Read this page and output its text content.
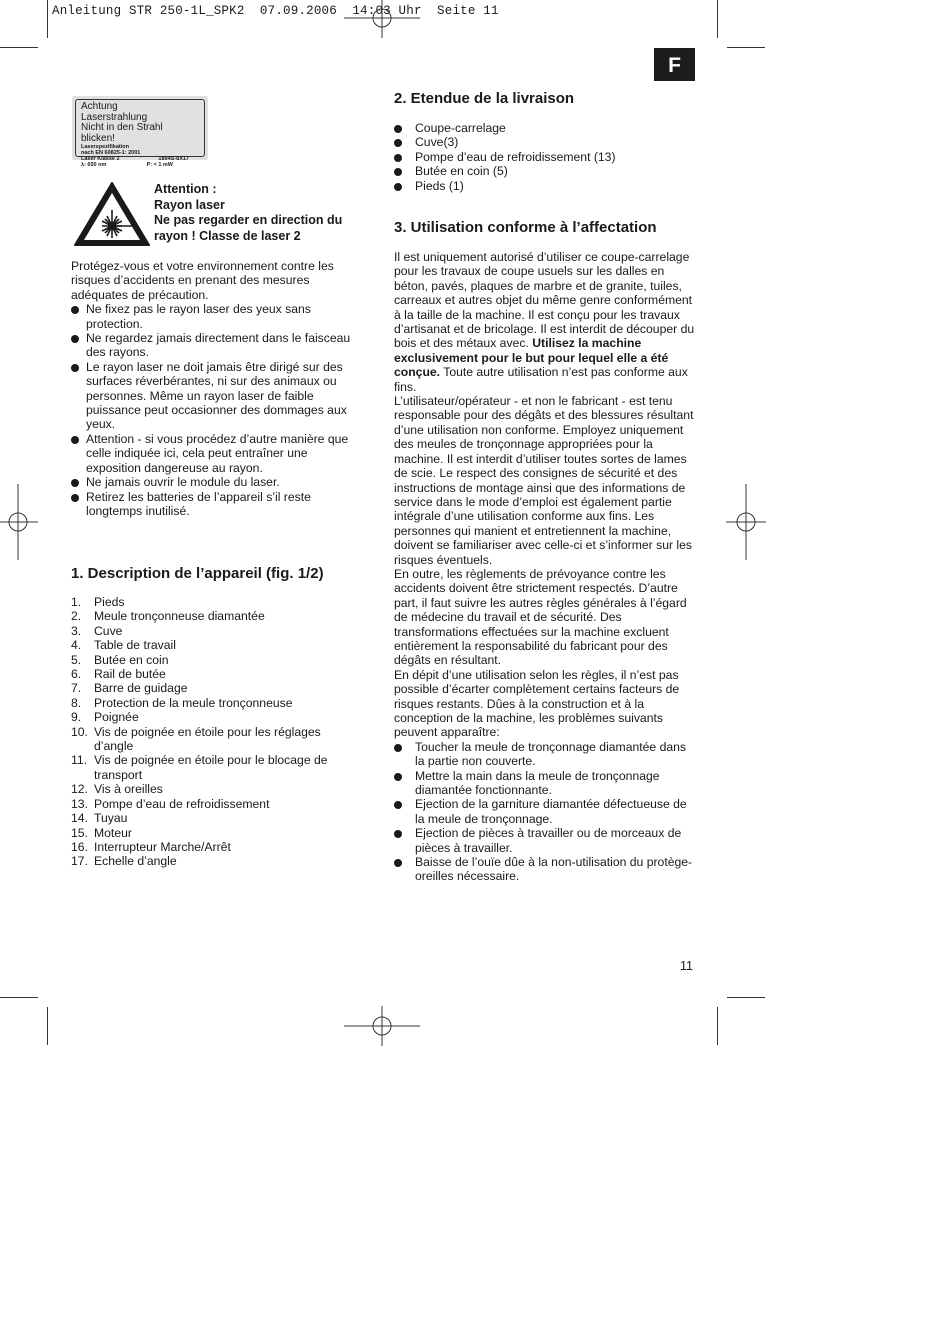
Anleitung STR 250-1L_SPK2  07.09.2006  14:03 Uhr  Seite 11
F
Achtung
Laserstrahlung
Nicht in den Strahl blicken!
Laserspezifikation
nach EN 60825-1: 2001
Laser Klasse 2	1894S-8X17
λ: 650 nm	P: < 1 mW
Attention :
Rayon laser
Ne pas regarder en direction du
rayon ! Classe de laser 2

Protégez-vous et votre environnement contre les risques d’accidents en prenant des mesures adéquates de précaution.

Ne fixez pas le rayon laser des yeux sans protection.
Ne regardez jamais directement dans le faisceau des rayons.
Le rayon laser ne doit jamais être dirigé sur des surfaces réverbérantes, ni sur des animaux ou personnes. Même un rayon laser de faible puissance peut occasionner des dommages aux yeux.
Attention - si vous procédez d’autre manière que celle indiquée ici, cela peut entraîner une exposition dangereuse au rayon.
Ne jamais ouvrir le module du laser.
Retirez les batteries de l’appareil s’il reste longtemps inutilisé.
1. Description de l’appareil (fig. 1/2)
1.	Pieds
2.	Meule tronçonneuse diamantée
3.	Cuve
4.	Table de travail
5.	Butée en coin
6.	Rail de butée
7.	Barre de guidage
8.	Protection de la meule tronçonneuse
9.	Poignée
10. Vis de poignée en étoile pour les réglages d’angle
11. Vis de poignée en étoile pour le blocage de transport
12. Vis à oreilles
13. Pompe d’eau de refroidissement
14. Tuyau
15. Moteur
16. Interrupteur Marche/Arrêt
17. Echelle d’angle
2. Etendue de la livraison
Coupe-carrelage
Cuve(3)
Pompe d’eau de refroidissement (13)
Butée en coin (5)
Pieds (1)
3. Utilisation conforme à l’affectation

Il est uniquement autorisé d’utiliser ce coupe-carrelage pour les travaux de coupe usuels sur les dalles en béton, pavés, plaques de marbre et de granite, tuiles, carreaux et autres objet du même genre conformément à la taille de la machine. Il est conçu pour les travaux d’artisanat et de bricolage. Il est interdit de découper du bois et des métaux avec. Utilisez la machine exclusivement pour le but pour lequel elle a été conçue. Toute autre utilisation n’est pas conforme aux fins.

L’utilisateur/opérateur - et non le fabricant - est tenu responsable pour des dégâts et des blessures résultant d’une utilisation non conforme. Employez uniquement des meules de tronçonnage appropriées pour la machine. Il est interdit d’utiliser toutes sortes de lames de scie. Le respect des consignes de sécurité et des instructions de montage ainsi que des informations de service dans le mode d’emploi est également partie intégrale d’une utilisation conforme aux fins. Les personnes qui manient et entretiennent la machine, doivent se familiariser avec celle-ci et s’informer sur les risques éventuels.

En outre, les règlements de prévoyance contre les accidents doivent être strictement respectés. D’autre part, il faut suivre les autres règles générales à l’égard de médecine du travail et de sécurité. Des transformations effectuées sur la machine excluent entièrement la responsabilité du fabricant pour des dégâts en résultant.

En dépit d’une utilisation selon les règles, il n’est pas possible d’écarter complètement certains facteurs de risques restants. Dûes à la construction et à la conception de la machine, les problèmes suivants peuvent apparaître:

Toucher la meule de tronçonnage diamantée dans la partie non couverte.
Mettre la main dans la meule de tronçonnage diamantée fonctionnante.
Ejection de la garniture diamantée défectueuse de la meule de tronçonnage.
Ejection de pièces à travailler ou de morceaux de pièces à travailler.
Baisse de l’ouïe dûe à la non-utilisation du protège-oreilles nécessaire.
11
